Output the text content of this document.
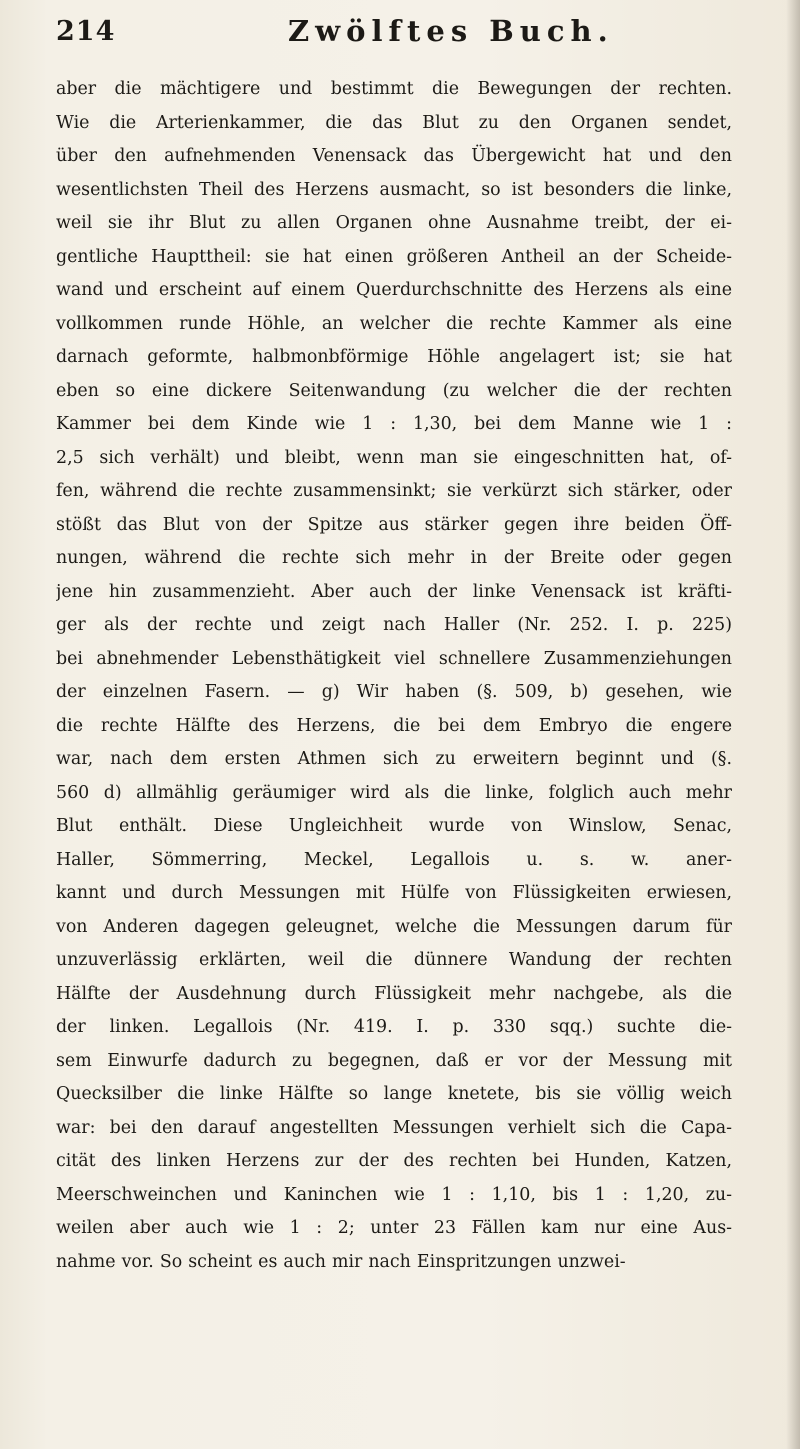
214	Zwölftes Buch.
aber die mächtigere und bestimmt die Bewegungen der rechten.
Wie die Arterienkammer, die das Blut zu den Organen sendet,
über den aufnehmenden Venensack das Übergewicht hat und den
wesentlichsten Theil des Herzens ausmacht, so ist besonders die linke,
weil sie ihr Blut zu allen Organen ohne Ausnahme treibt, der ei-
gentliche Haupttheil: sie hat einen größeren Antheil an der Scheide-
wand und erscheint auf einem Querdurchschnitte des Herzens als eine
vollkommen runde Höhle, an welcher die rechte Kammer als eine
darnach geformte, halbmonbförmige Höhle angelagert ist; sie hat
eben so eine dickere Seitenwandung (zu welcher die der rechten
Kammer bei dem Kinde wie 1 : 1,30, bei dem Manne wie 1 :
2,5 sich verhält) und bleibt, wenn man sie eingeschnitten hat, of-
fen, während die rechte zusammensinkt; sie verkürzt sich stärker, oder
stößt das Blut von der Spitze aus stärker gegen ihre beiden Öff-
nungen, während die rechte sich mehr in der Breite oder gegen
jene hin zusammenzieht. Aber auch der linke Venensack ist kräfti-
ger als der rechte und zeigt nach Haller (Nr. 252. I. p. 225)
bei abnehmender Lebensthätigkeit viel schnellere Zusammenziehungen
der einzelnen Fasern. — g) Wir haben (§. 509, b) gesehen, wie
die rechte Hälfte des Herzens, die bei dem Embryo die engere
war, nach dem ersten Athmen sich zu erweitern beginnt und (§.
560 d) allmählig geräumiger wird als die linke, folglich auch mehr
Blut enthält. Diese Ungleichheit wurde von Winslow, Senac,
Haller, Sömmerring, Meckel, Legallois u. s. w. aner-
kannt und durch Messungen mit Hülfe von Flüssigkeiten erwiesen,
von Anderen dagegen geleugnet, welche die Messungen darum für
unzuverlässig erklärten, weil die dünnere Wandung der rechten
Hälfte der Ausdehnung durch Flüssigkeit mehr nachgebe, als die
der linken. Legallois (Nr. 419. I. p. 330 sqq.) suchte die-
sem Einwurfe dadurch zu begegnen, daß er vor der Messung mit
Quecksilber die linke Hälfte so lange knetete, bis sie völlig weich
war: bei den darauf angestellten Messungen verhielt sich die Capa-
cität des linken Herzens zur der des rechten bei Hunden, Katzen,
Meerschweinchen und Kaninchen wie 1 : 1,10, bis 1 : 1,20, zu-
weilen aber auch wie 1 : 2; unter 23 Fällen kam nur eine Aus-
nahme vor. So scheint es auch mir nach Einspritzungen unzwei-
